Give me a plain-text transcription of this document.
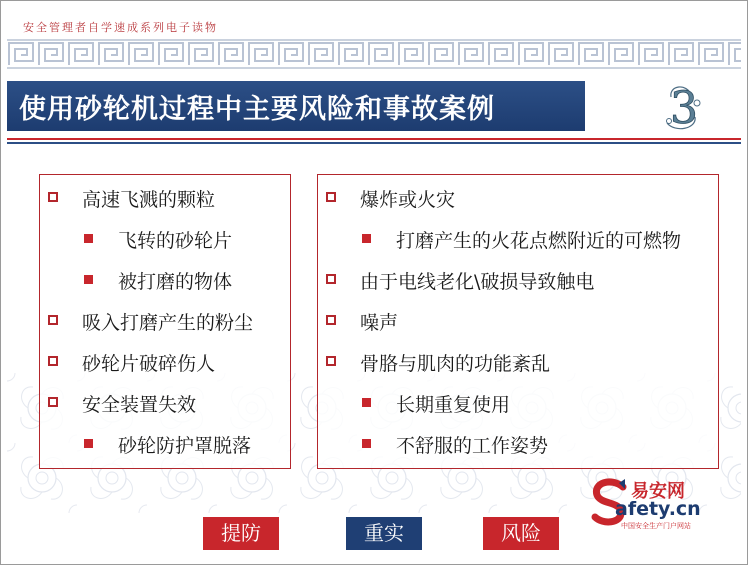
安全管理者自学速成系列电子读物
使用砂轮机过程中主要风险和事故案例	3
高速飞溅的颗粒
飞转的砂轮片
被打磨的物体
吸入打磨产生的粉尘
砂轮片破碎伤人
安全装置失效
砂轮防护罩脱落
爆炸或火灾
打磨产生的火花点燃附近的可燃物
由于电线老化\破损导致触电
噪声
骨胳与肌肉的功能紊乱
长期重复使用
不舒服的工作姿势
易安网
afety.cn
中国安全生产门户网站
提防	重实	风险
